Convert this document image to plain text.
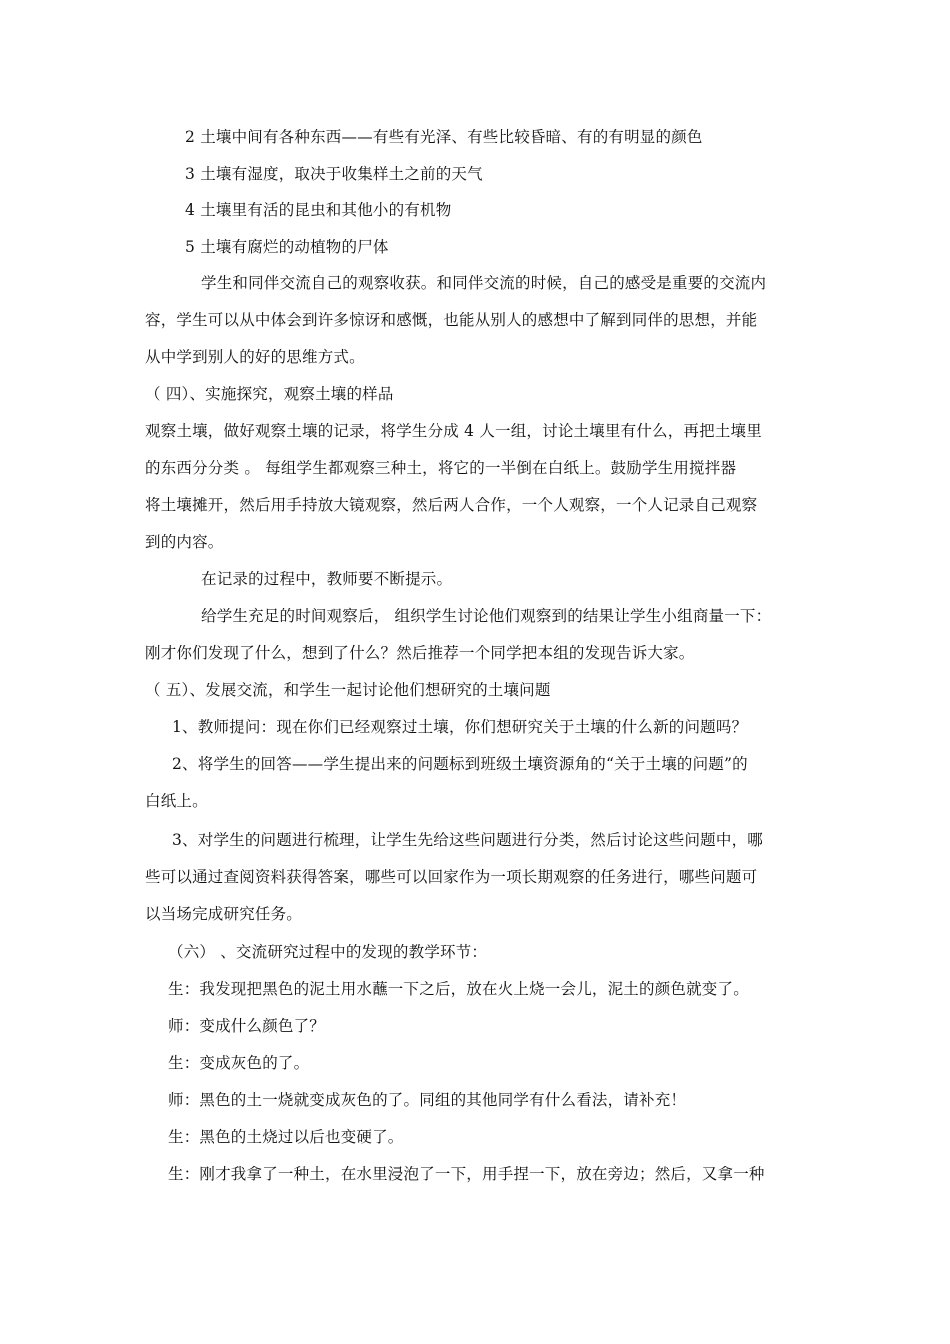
2 土壤中间有各种东西——有些有光泽、有些比较昏暗、有的有明显的颜色
3 土壤有湿度，取决于收集样土之前的天气
4 土壤里有活的昆虫和其他小的有机物
5 土壤有腐烂的动植物的尸体
学生和同伴交流自己的观察收获。和同伴交流的时候，自己的感受是重要的交流内
容，学生可以从中体会到许多惊讶和感慨，也能从别人的感想中了解到同伴的思想，并能
从中学到别人的好的思维方式。
（ 四）、实施探究，观察土壤的样品
观察土壤，做好观察土壤的记录，将学生分成 4 人一组，讨论土壤里有什么，再把土壤里
的东西分分类 。 每组学生都观察三种土，将它的一半倒在白纸上。鼓励学生用搅拌器
将土壤摊开，然后用手持放大镜观察，然后两人合作，一个人观察，一个人记录自己观察
到的内容。
在记录的过程中，教师要不断提示。
给学生充足的时间观察后， 组织学生讨论他们观察到的结果让学生小组商量一下：
刚才你们发现了什么，想到了什么？然后推荐一个同学把本组的发现告诉大家。
（ 五）、发展交流，和学生一起讨论他们想研究的土壤问题
1、教师提问：现在你们已经观察过土壤，你们想研究关于土壤的什么新的问题吗？
2、将学生的回答——学生提出来的问题标到班级土壤资源角的“关于土壤的问题”的
白纸上。
3、对学生的问题进行梳理，让学生先给这些问题进行分类，然后讨论这些问题中，哪
些可以通过查阅资料获得答案，哪些可以回家作为一项长期观察的任务进行，哪些问题可
以当场完成研究任务。
（六） 、交流研究过程中的发现的教学环节：
生：我发现把黑色的泥土用水蘸一下之后，放在火上烧一会儿，泥土的颜色就变了。
师：变成什么颜色了？
生：变成灰色的了。
师：黑色的土一烧就变成灰色的了。同组的其他同学有什么看法，请补充！
生：黑色的土烧过以后也变硬了。
生：刚才我拿了一种土，在水里浸泡了一下，用手捏一下，放在旁边；然后，又拿一种
